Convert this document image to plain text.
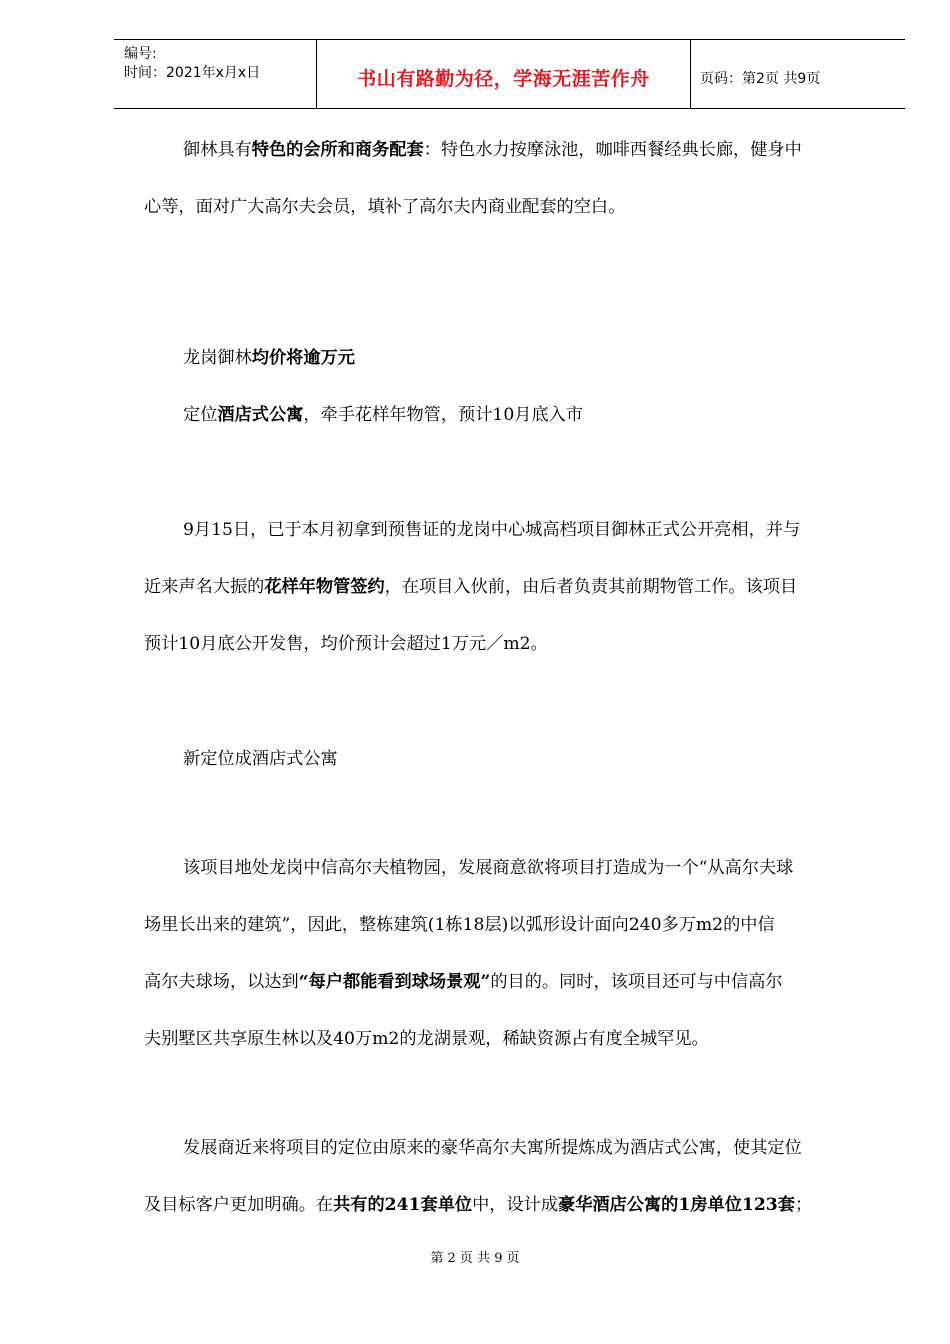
编号:
时间：2021年x月x日	书山有路勤为径，学海无涯苦作舟	页码：第2页 共9页
御林具有特色的会所和商务配套：特色水力按摩泳池，咖啡西餐经典长廊，健身中
心等，面对广大高尔夫会员，填补了高尔夫内商业配套的空白。
龙岗御林均价将逾万元
定位酒店式公寓，牵手花样年物管，预计10月底入市
9月15日，已于本月初拿到预售证的龙岗中心城高档项目御林正式公开亮相，并与
近来声名大振的花样年物管签约，在项目入伙前，由后者负责其前期物管工作。该项目
预计10月底公开发售，均价预计会超过1万元／m2。
新定位成酒店式公寓
该项目地处龙岗中信高尔夫植物园，发展商意欲将项目打造成为一个“从高尔夫球
场里长出来的建筑”，因此，整栋建筑(1栋18层)以弧形设计面向240多万m2的中信
高尔夫球场，以达到“每户都能看到球场景观”的目的。同时，该项目还可与中信高尔
夫别墅区共享原生林以及40万m2的龙湖景观，稀缺资源占有度全城罕见。
发展商近来将项目的定位由原来的豪华高尔夫寓所提炼成为酒店式公寓，使其定位
及目标客户更加明确。在共有的241套单位中，设计成豪华酒店公寓的1房单位123套；
第 2 页 共 9 页
